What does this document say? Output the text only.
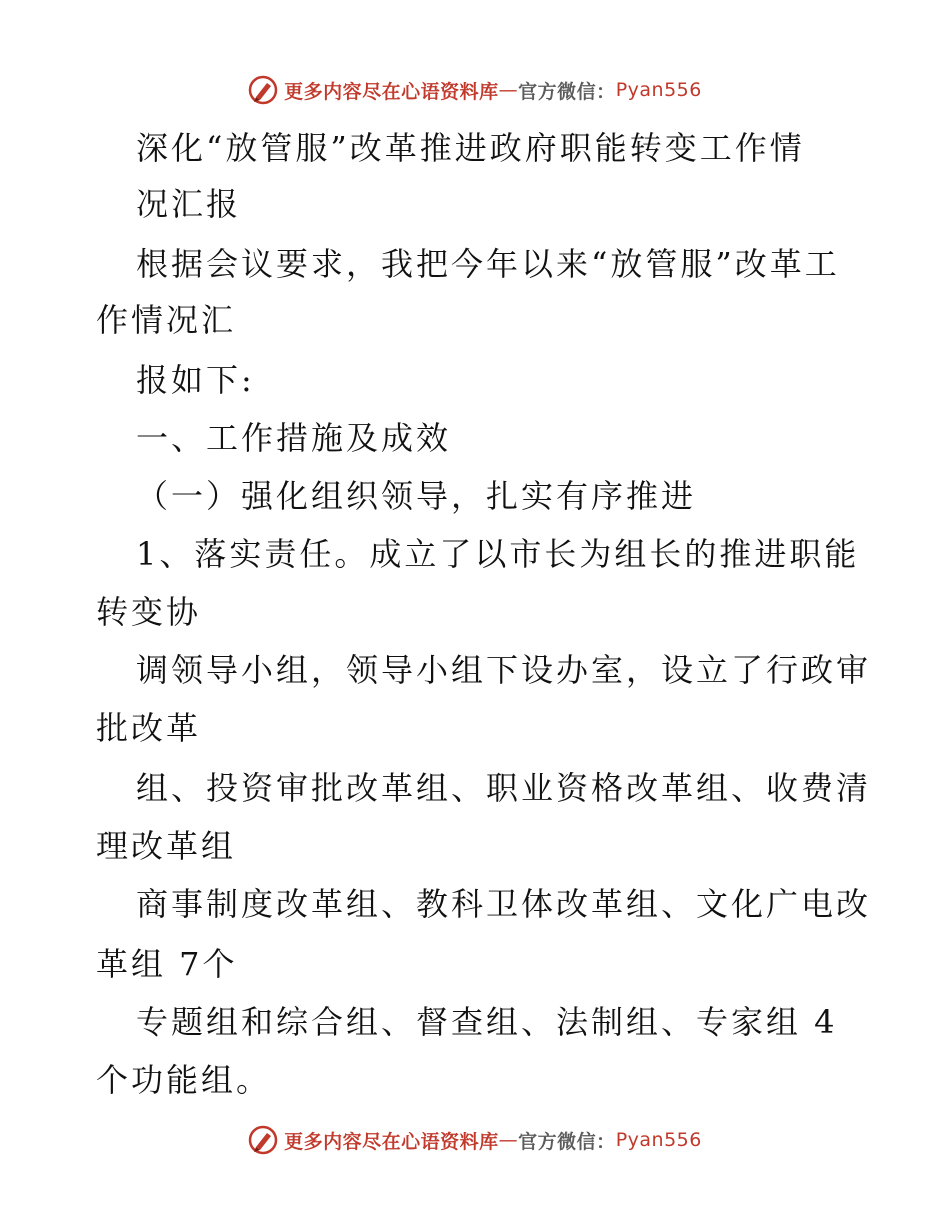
更多内容尽在心语资料库 — 官方微信： Pyan556
深化“放管服”改革推进政府职能转变工作情
况汇报
根据会议要求，我把今年以来“放管服”改革工
作情况汇
报如下:
一、工作措施及成效
（一）强化组织领导，扎实有序推进
1、落实责任。成立了以市长为组长的推进职能
转变协
调领导小组，领导小组下设办室，设立了行政审
批改革
组、投资审批改革组、职业资格改革组、收费清
理改革组
商事制度改革组、教科卫体改革组、文化广电改
革组 7个
专题组和综合组、督查组、法制组、专家组 4
个功能组。
更多内容尽在心语资料库 — 官方微信： Pyan556
